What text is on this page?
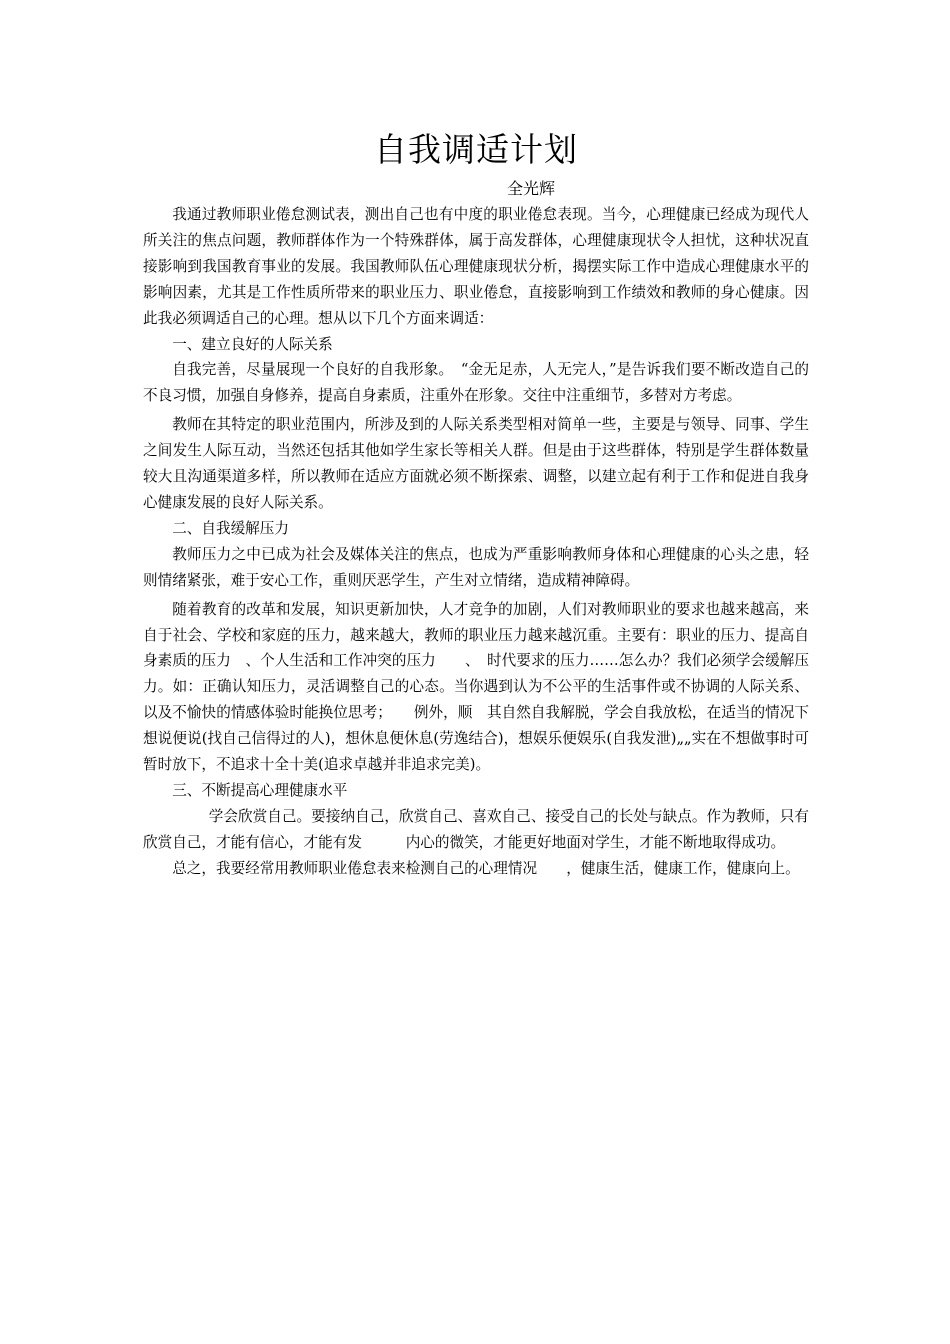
自我调适计划

全光辉

我通过教师职业倦怠测试表，测出自己也有中度的职业倦怠表现。当今，心理健康已经成为现代人所关注的焦点问题，教师群体作为一个特殊群体，属于高发群体，心理健康现状令人担忧，这种状况直接影响到我国教育事业的发展。我国教师队伍心理健康现状分析，揭摆实际工作中造成心理健康水平的影响因素，尤其是工作性质所带来的职业压力、职业倦怠，直接影响到工作绩效和教师的身心健康。因此我必须调适自己的心理。想从以下几个方面来调适：

一、建立良好的人际关系

自我完善，尽量展现一个良好的自我形象。　“金无足赤，人无完人，”是告诉我们要不断改造自己的不良习惯，加强自身修养，提高自身素质，注重外在形象。交往中注重细节，多替对方考虑。

教师在其特定的职业范围内，所涉及到的人际关系类型相对简单一些，主要是与领导、同事、学生之间发生人际互动，当然还包括其他如学生家长等相关人群。但是由于这些群体，特别是学生群体数量较大且沟通渠道多样，所以教师在适应方面就必须不断探索、调整，以建立起有利于工作和促进自我身心健康发展的良好人际关系。

二、自我缓解压力

教师压力之中已成为社会及媒体关注的焦点，也成为严重影响教师身体和心理健康的心头之患，轻则情绪紧张，难于安心工作，重则厌恶学生，产生对立情绪，造成精神障碍。

随着教育的改革和发展，知识更新加快，人才竞争的加剧，人们对教师职业的要求也越来越高，来自于社会、学校和家庭的压力，越来越大，教师的职业压力越来越沉重。主要有：职业的压力、提高自身素质的压力　、个人生活和工作冲突的压力　　、　时代要求的压力……怎么办？我们必须学会缓解压力。如：正确认知压力，灵活调整自己的心态。当你遇到认为不公平的生活事件或不协调的人际关系、以及不愉快的情感体验时能换位思考；　　例外，顺　其自然自我解脱，学会自我放松，在适当的情况下想说便说(找自己信得过的人)，想休息便休息(劳逸结合)，想娱乐便娱乐(自我发泄)„„实在不想做事时可暂时放下，不追求十全十美(追求卓越并非追求完美)。

三、不断提高心理健康水平

学会欣赏自己。要接纳自己，欣赏自己、喜欢自己、接受自己的长处与缺点。作为教师，只有欣赏自己，才能有信心，才能有发　　　内心的微笑，才能更好地面对学生，才能不断地取得成功。

总之，我要经常用教师职业倦怠表来检测自己的心理情况　　，健康生活，健康工作，健康向上。
